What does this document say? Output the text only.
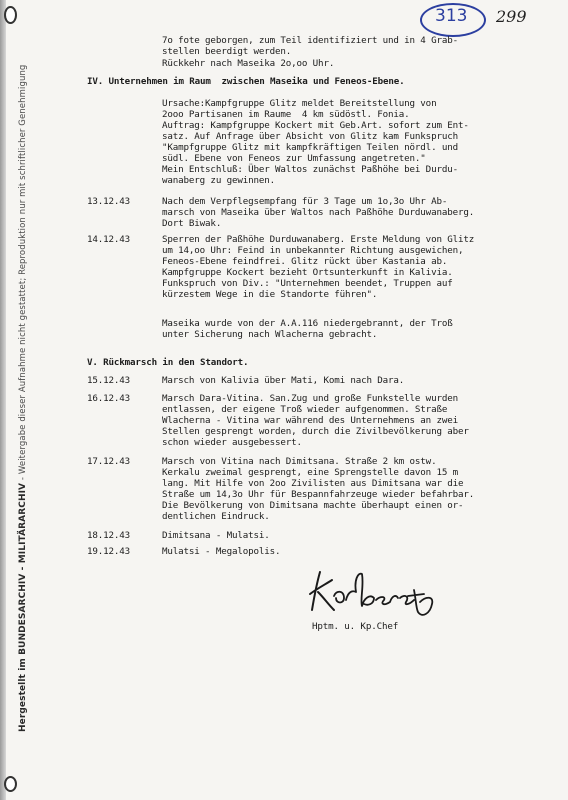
Hergestellt im BUNDESARCHIV - MILITÄRARCHIV - Weitergabe dieser Aufnahme nicht gestattet; Reproduktion nur mit schriftlicher Genehmigung
313 299
7o fote geborgen, zum Teil identifiziert und in 4 Grab-
stellen beerdigt werden.
Rückkehr nach Maseika 2o,oo Uhr.
IV. Unternehmen im Raum  zwischen Maseika und Feneos-Ebene.
Ursache:Kampfgruppe Glitz meldet Bereitstellung von
2ooo Partisanen im Raume  4 km südöstl. Fonia.
Auftrag: Kampfgruppe Kockert mit Geb.Art. sofort zum Ent-
satz. Auf Anfrage über Absicht von Glitz kam Funkspruch
"Kampfgruppe Glitz mit kampfkräftigen Teilen nördl. und
südl. Ebene von Feneos zur Umfassung angetreten."
Mein Entschluß: Über Waltos zunächst Paßhöhe bei Durdu-
wanaberg zu gewinnen.
13.12.43	Nach dem Verpflegsempfang für 3 Tage um 1o,3o Uhr Ab-
marsch von Maseika über Waltos nach Paßhöhe Durduwanaberg.
Dort Biwak.
14.12.43	Sperren der Paßhöhe Durduwanaberg. Erste Meldung von Glitz
um 14,oo Uhr: Feind in unbekannter Richtung ausgewichen,
Feneos-Ebene feindfrei. Glitz rückt über Kastania ab.
Kampfgruppe Kockert bezieht Ortsunterkunft in Kalivia.
Funkspruch von Div.: "Unternehmen beendet, Truppen auf
kürzestem Wege in die Standorte führen".
Maseika wurde von der A.A.116 niedergebrannt, der Troß
unter Sicherung nach Wlacherna gebracht.
V. Rückmarsch in den Standort.
15.12.43	Marsch von Kalivia über Mati, Komi nach Dara.
16.12.43	Marsch Dara-Vitina. San.Zug und große Funkstelle wurden
entlassen, der eigene Troß wieder aufgenommen. Straße
Wlacherna - Vitina war während des Unternehmens an zwei
Stellen gesprengt worden, durch die Zivilbevölkerung aber
schon wieder ausgebessert.
17.12.43	Marsch von Vitina nach Dimitsana. Straße 2 km ostw.
Kerkalu zweimal gesprengt, eine Sprengstelle davon 15 m
lang. Mit Hilfe von 2oo Zivilisten aus Dimitsana war die
Straße um 14,3o Uhr für Bespannfahrzeuge wieder befahrbar.
Die Bevölkerung von Dimitsana machte überhaupt einen or-
dentlichen Eindruck.
18.12.43	Dimitsana - Mulatsi.
19.12.43	Mulatsi - Megalopolis.
Hptm. u. Kp.Chef
